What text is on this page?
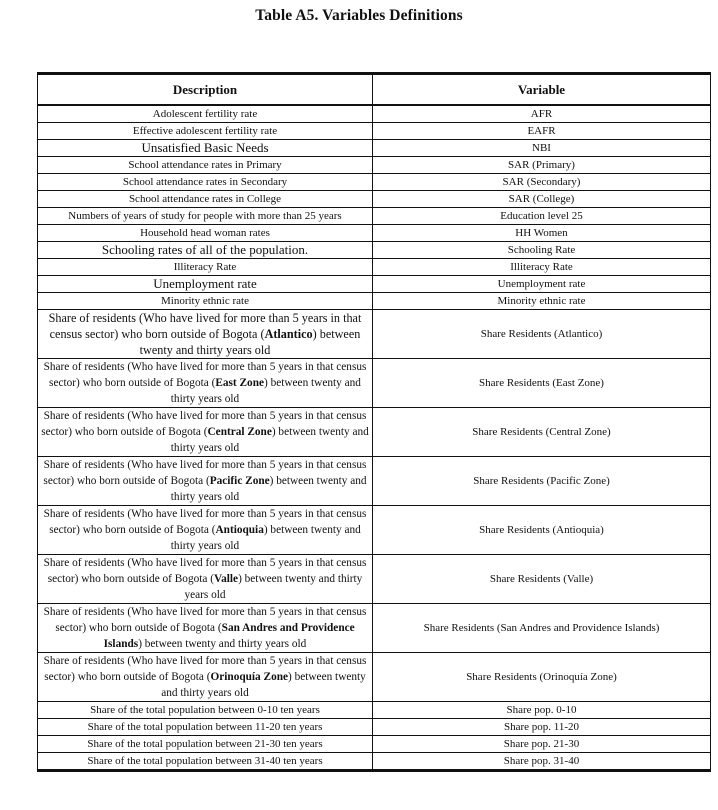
Table A5. Variables Definitions
Description	Variable
Adolescent fertility rate	AFR
Effective adolescent fertility rate	EAFR
Unsatisfied Basic Needs	NBI
School attendance rates in Primary	SAR (Primary)
School attendance rates in Secondary	SAR (Secondary)
School attendance rates in College	SAR (College)
Numbers of years of study for people with more than 25 years	Education level 25
Household head woman rates	HH Women
Schooling rates of all of the population.	Schooling Rate
Illiteracy Rate	Illiteracy Rate
Unemployment rate	Unemployment rate
Minority ethnic rate	Minority ethnic rate
Share of residents (Who have lived for more than 5 years in that census sector) who born outside of Bogota (Atlantico) between twenty and thirty years old	Share Residents (Atlantico)
Share of residents (Who have lived for more than 5 years in that census sector) who born outside of Bogota (East Zone) between twenty and thirty years old	Share Residents (East Zone)
Share of residents (Who have lived for more than 5 years in that census sector) who born outside of Bogota (Central Zone) between twenty and thirty years old	Share Residents (Central Zone)
Share of residents (Who have lived for more than 5 years in that census sector) who born outside of Bogota (Pacific Zone) between twenty and thirty years old	Share Residents (Pacific Zone)
Share of residents (Who have lived for more than 5 years in that census sector) who born outside of Bogota (Antioquia) between twenty and thirty years old	Share Residents (Antioquia)
Share of residents (Who have lived for more than 5 years in that census sector) who born outside of Bogota (Valle) between twenty and thirty years old	Share Residents (Valle)
Share of residents (Who have lived for more than 5 years in that census sector) who born outside of Bogota (San Andres and Providence Islands) between twenty and thirty years old	Share Residents (San Andres and Providence Islands)
Share of residents (Who have lived for more than 5 years in that census sector) who born outside of Bogota (Orinoquía Zone) between twenty and thirty years old	Share Residents (Orinoquía Zone)
Share of the total population between 0-10 ten years	Share pop. 0-10
Share of the total population between 11-20 ten years	Share pop. 11-20
Share of the total population between 21-30 ten years	Share pop. 21-30
Share of the total population between 31-40 ten years	Share pop. 31-40
